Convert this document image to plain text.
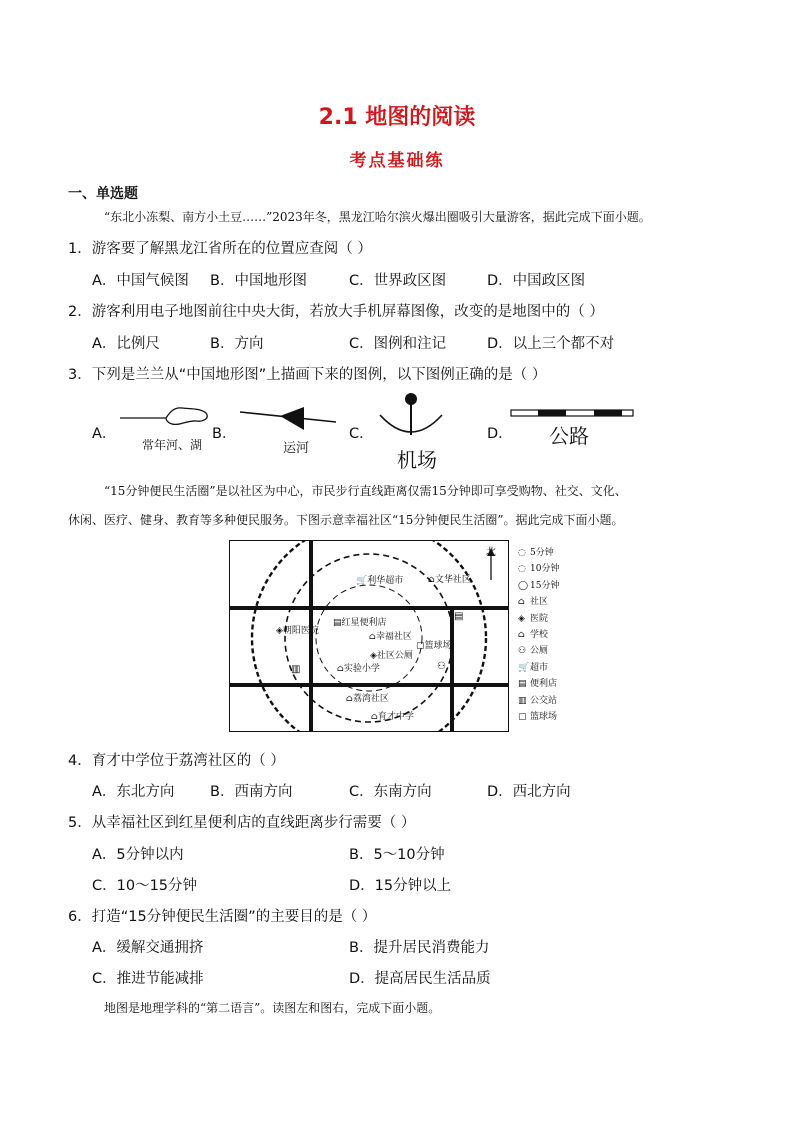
2.1 地图的阅读
考点基础练
一、单选题
“东北小冻梨、南方小土豆……”2023年冬，黑龙江哈尔滨火爆出圈吸引大量游客，据此完成下面小题。
1．游客要了解黑龙江省所在的位置应查阅（ ）
A．中国气候图 B．中国地形图	C．世界政区图	D．中国政区图
2．游客利用电子地图前往中央大街，若放大手机屏幕图像，改变的是地图中的（ ）
A．比例尺	B．方向	C．图例和注记	D．以上三个都不对
3．下列是兰兰从“中国地形图”上描画下来的图例，以下图例正确的是（ ）
A．	B．	C．	D．
常年河、湖	运河	机场
公路
“15分钟便民生活圈”是以社区为中心，市民步行直线距离仅需15分钟即可享受购物、社交、文化、
休闲、医疗、健身、教育等多种便民服务。下图示意幸福社区“15分钟便民生活圈”。据此完成下面小题。
北
🛒利华超市	⌂文华社区
▤红星便利店
⌂幸福社区
▢篮球场
◈朝阳医院
◈社区公厕
⌂实验小学
⌂荔湾社区
⌂育才中学
▥	⚇
▤
◌ 5分钟
◌ 10分钟
◯ 15分钟
⌂ 社区
◈ 医院
⌂ 学校
⚇ 公厕
🛒超市
▤ 便利店
▥ 公交站
▢ 篮球场
4．育才中学位于荔湾社区的（ ）
A．东北方向 B．西南方向	C．东南方向	D．西北方向
5．从幸福社区到红星便利店的直线距离步行需要（ ）
A．5分钟以内	B．5～10分钟
C．10～15分钟	D．15分钟以上
6．打造“15分钟便民生活圈”的主要目的是（ ）
A．缓解交通拥挤	B．提升居民消费能力
C．推进节能减排	D．提高居民生活品质
地图是地理学科的“第二语言”。读图左和图右，完成下面小题。
